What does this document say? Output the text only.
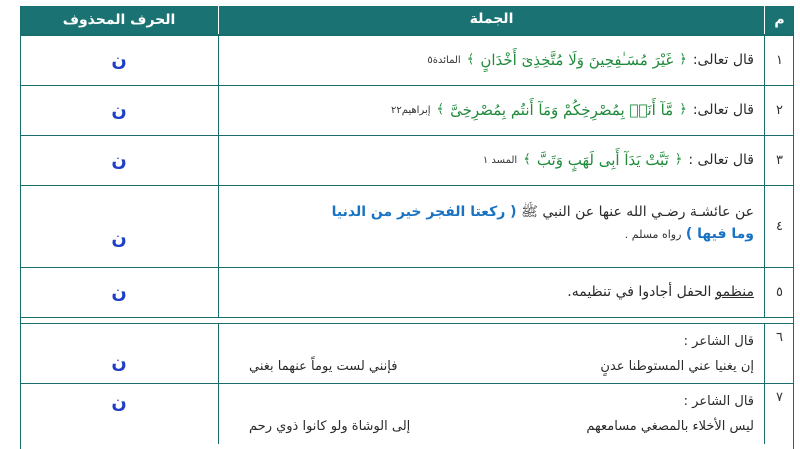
م
الجملة
الحرف المحذوف
١
قال تعالى:
﴿
غَيْرَ مُسَـٰفِحِينَ وَلَا مُتَّخِذِىٓ أَخْدَانٍ
﴾
المائدة٥
ن
٢
قال تعالى:
﴿
مَّآ أَنَا۠ بِمُصْرِخِكُمْ وَمَآ أَنتُم بِمُصْرِخِىَّ
﴾
إبراهيم٢٢
ن
٣
قال تعالى :
﴿
تَبَّتْ يَدَآ أَبِى لَهَبٍ وَتَبَّ
﴾
المسد ١
ن
٤
عن عائشـة رضـي الله عنها عن النبي ﷺ ( ركعتا الفجر خير من الدنيا
وما فيها ) رواه مسلم .
ن
٥
منظمو
الحفل أجادوا في تنظيمه.
ن
٦
قال الشاعر :
إن يغنيا عني المستوطنا عدنٍ
فإنني لست يوماً عنهما بغني
ن
٧
قال الشاعر :
ليس الأخلاء بالمصغي مسامعهم
إلى الوشاة ولو كانوا ذوي رحم
ن
